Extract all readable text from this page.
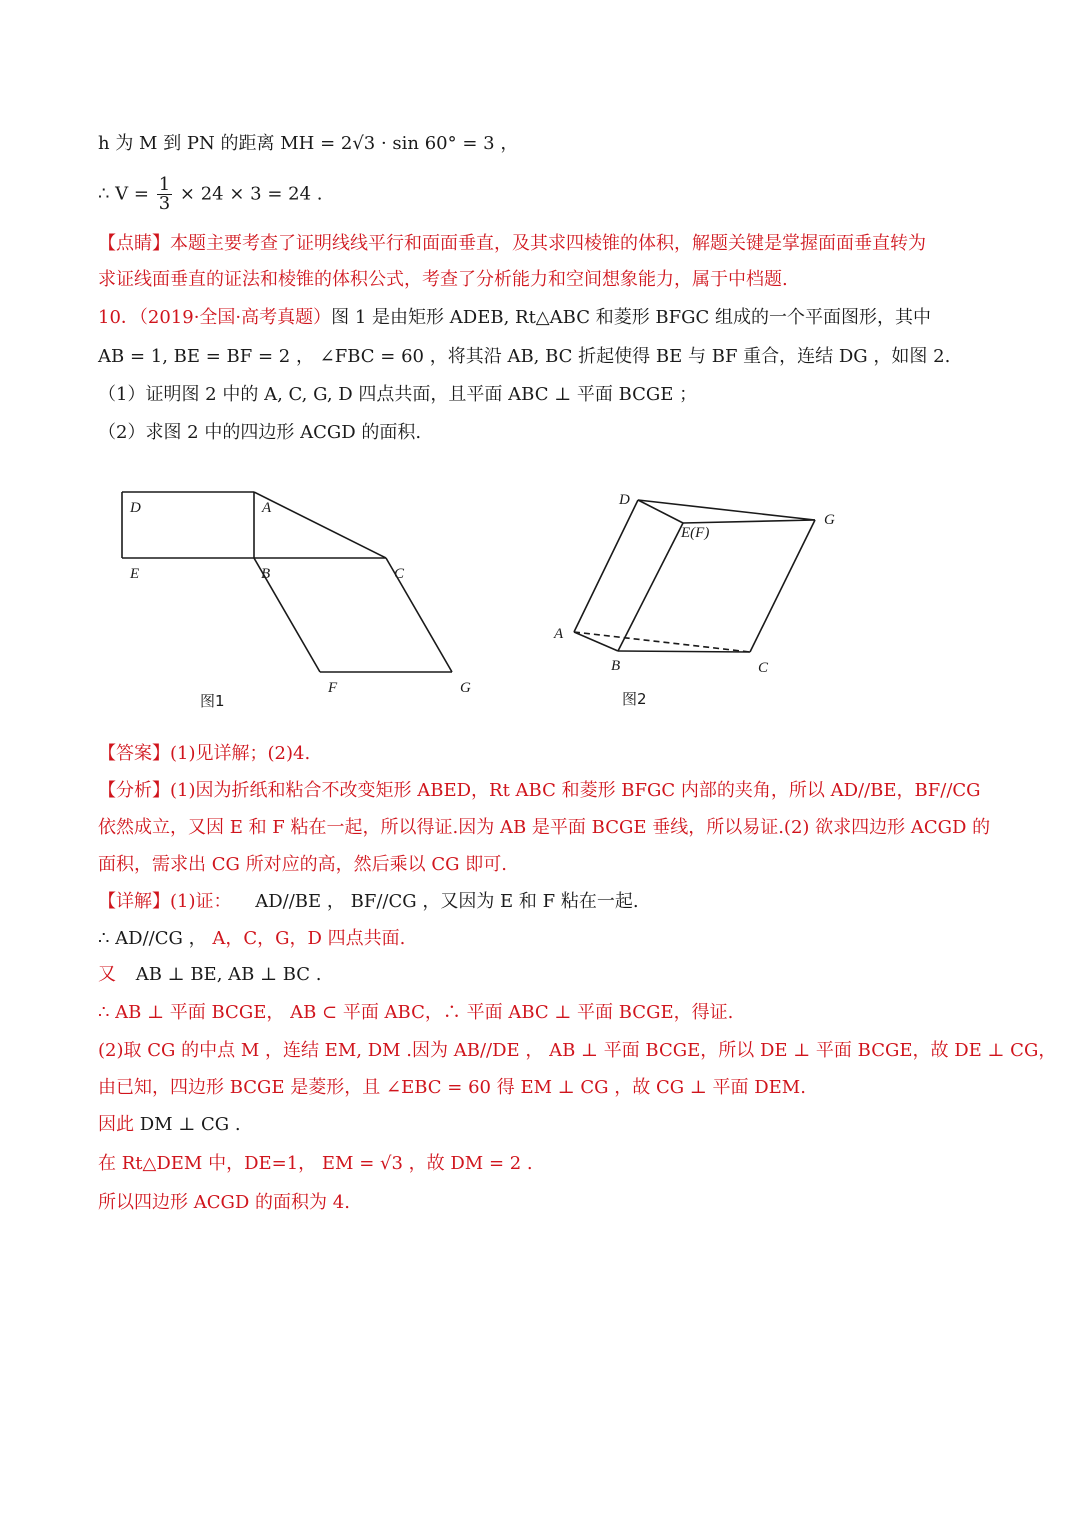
h 为 M 到 PN 的距离 MH = 2√3 · sin 60° = 3 ，
∴ $V = \frac{1}{3} \times 24 \times 3 = 24$ .
【点睛】本题主要考查了证明线线平行和面面垂直，及其求四棱锥的体积，解题关键是掌握面面垂直转为
求证线面垂直的证法和棱锥的体积公式，考查了分析能力和空间想象能力，属于中档题.
10．（2019·全国·高考真题）图 1 是由矩形 ADEB, Rt△ABC 和菱形 BFGC 组成的一个平面图形，其中
AB = 1, BE = BF = 2 ， ∠FBC = 60 ，将其沿 AB, BC 折起使得 BE 与 BF 重合，连结 DG ，如图 2.
（1）证明图 2 中的 A, C, G, D 四点共面，且平面 ABC ⊥ 平面 BCGE ；
（2）求图 2 中的四边形 ACGD 的面积.
D	A
E	B	C
F	G
图1
D
E(F)
G
A
B	C
图2
【答案】(1)见详解；(2)4.
【分析】(1)因为折纸和粘合不改变矩形 ABED，Rt ABC 和菱形 BFGC 内部的夹角，所以 AD//BE，BF//CG
依然成立，又因 E 和 F 粘在一起，所以得证.因为 AB 是平面 BCGE 垂线，所以易证.(2) 欲求四边形 ACGD 的
面积，需求出 CG 所对应的高，然后乘以 CG 即可.
【详解】(1)证： AD//BE ， BF//CG ，又因为 E 和 F 粘在一起.
∴ AD//CG ， A，C，G，D 四点共面.
又 AB ⊥ BE, AB ⊥ BC .
∴ AB ⊥ 平面 BCGE， AB ⊂ 平面 ABC，∴ 平面 ABC ⊥ 平面 BCGE，得证.
(2)取 CG 的中点 M ，连结 EM, DM .因为 AB//DE ， AB ⊥ 平面 BCGE，所以 DE ⊥ 平面 BCGE，故 DE ⊥ CG，
由已知，四边形 BCGE 是菱形，且 ∠EBC = 60 得 EM ⊥ CG ，故 CG ⊥ 平面 DEM.
因此 DM ⊥ CG .
在 Rt△DEM 中，DE=1， EM = √3 ，故 DM = 2 .
所以四边形 ACGD 的面积为 4.
